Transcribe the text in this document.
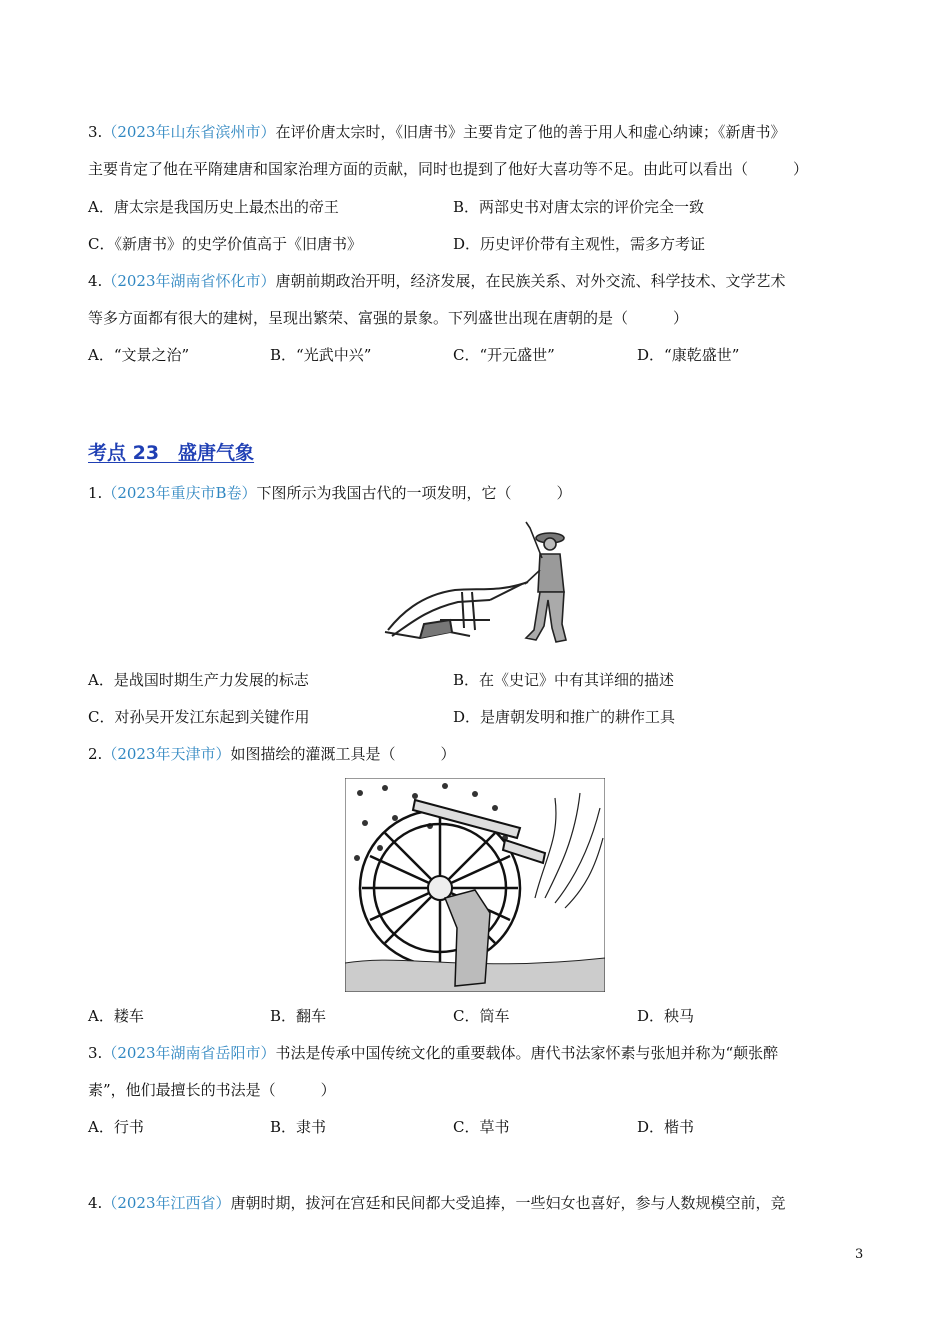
3.（2023年山东省滨州市）在评价唐太宗时，《旧唐书》主要肯定了他的善于用人和虚心纳谏；《新唐书》
主要肯定了他在平隋建唐和国家治理方面的贡献，同时也提到了他好大喜功等不足。由此可以看出（　　　）
A．唐太宗是我国历史上最杰出的帝王	B．两部史书对唐太宗的评价完全一致
C．《新唐书》的史学价值高于《旧唐书》	D．历史评价带有主观性，需多方考证
4.（2023年湖南省怀化市）唐朝前期政治开明，经济发展，在民族关系、对外交流、科学技术、文学艺术
等多方面都有很大的建树，呈现出繁荣、富强的景象。下列盛世出现在唐朝的是（　　　）
A．“文景之治”	B．“光武中兴”	C．“开元盛世”	D．“康乾盛世”
考点 23　盛唐气象
1.（2023年重庆市B卷）下图所示为我国古代的一项发明，它（　　　）
A．是战国时期生产力发展的标志	B．在《史记》中有其详细的描述
C．对孙吴开发江东起到关键作用	D．是唐朝发明和推广的耕作工具
2.（2023年天津市）如图描绘的灌溉工具是（　　　）
A．耧车	B．翻车	C．筒车	D．秧马
3.（2023年湖南省岳阳市）书法是传承中国传统文化的重要载体。唐代书法家怀素与张旭并称为“颠张醉
素”，他们最擅长的书法是（　　　）
A．行书	B．隶书	C．草书	D．楷书
4.（2023年江西省）唐朝时期，拔河在宫廷和民间都大受追捧，一些妇女也喜好，参与人数规模空前，竞
3
